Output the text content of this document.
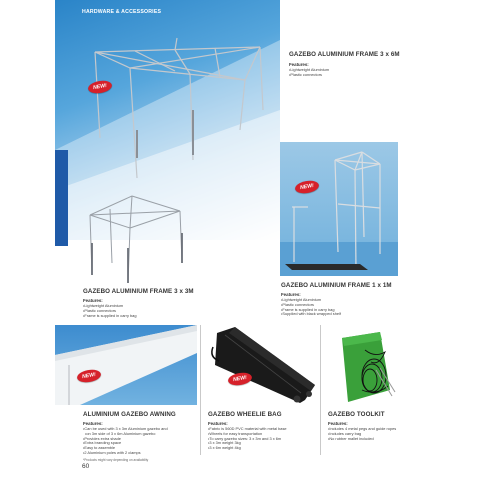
HARDWARE & ACCESSORIES
NEW!
GAZEBO ALUMINIUM FRAME 3 x 6M
Features:
• Lightweight Aluminium
• Plastic connectors
GAZEBO ALUMINIUM FRAME 3 x 3M
Features:
• Lightweight Aluminium
• Plastic connectors
• Frame is supplied in carry bag
NEW!
GAZEBO ALUMINIUM FRAME 1 x 1M
Features:
• Lightweight Aluminium
• Plastic connectors
• Frame is supplied in carry bag
• Supplied with black wrapped shelf
NEW!
ALUMINIUM GAZEBO AWNING
Features:
• Can be used with 3 x 3m Aluminium gazebo and
• on 3m side of 3 x 6m Aluminium gazebo
• Provides extra shade
• Extra branding space
• Easy to assemble
• 2 Aluminium poles with 2 clamps
*Products might vary depending on availability
NEW!
GAZEBO WHEELIE BAG
Features:
• Fabric is 560D PVC material with metal base
• Wheels for easy transportation
• To carry gazebo sizes: 3 x 3m and 3 x 6m
• 3 x 3m weight 3kg
• 3 x 6m weight 4kg
GAZEBO TOOLKIT
Features:
• Includes 4 metal pegs and guide ropes
• Includes carry bag
• No rubber mallet included
60
